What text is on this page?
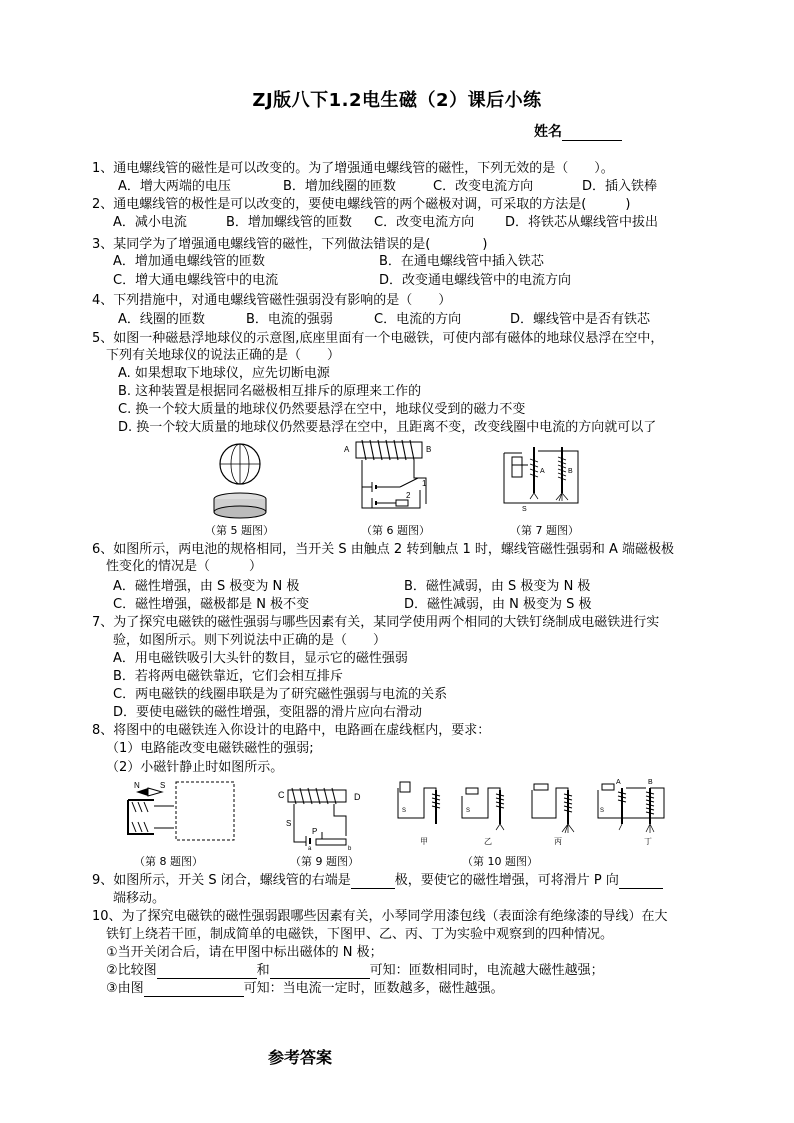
ZJ版八下1.2电生磁（2）课后小练
姓名
1、通电螺线管的磁性是可以改变的。为了增强通电螺线管的磁性，下列无效的是（　　）。
A．增大两端的电压	B．增加线圈的匝数	C．改变电流方向	D．插入铁棒
2、通电螺线管的极性是可以改变的，要使电螺线管的两个磁极对调，可采取的方法是(　　　)
A．减小电流	B．增加螺线管的匝数 C．改变电流方向 D．将铁芯从螺线管中拔出
3、某同学为了增强通电螺线管的磁性，下列做法错误的是(　　　　)
A．增加通电螺线管的匝数	B．在通电螺线管中插入铁芯
C．增大通电螺线管中的电流	D．改变通电螺线管中的电流方向
4、下列措施中，对通电螺线管磁性强弱没有影响的是（　　）
A．线圈的匝数	B．电流的强弱	C．电流的方向	D．螺线管中是否有铁芯
5、如图一种磁悬浮地球仪的示意图,底座里面有一个电磁铁，可使内部有磁体的地球仪悬浮在空中，
下列有关地球仪的说法正确的是（　　）
A. 如果想取下地球仪，应先切断电源
B. 这种装置是根据同名磁极相互排斥的原理来工作的
C. 换一个较大质量的地球仪仍然要悬浮在空中，地球仪受到的磁力不变
D. 换一个较大质量的地球仪仍然要悬浮在空中，且距离不变，改变线圈中电流的方向就可以了
A	B
2
1
A	B
S
（第 5 题图）	（第 6 题图）	（第 7 题图）
6、如图所示，两电池的规格相同，当开关 S 由触点 2 转到触点 1 时，螺线管磁性强弱和 A 端磁极极
性变化的情况是（　　　）
A．磁性增强，由 S 极变为 N 极	B．磁性减弱，由 S 极变为 N 极
C．磁性增强，磁极都是 N 极不变	D．磁性减弱，由 N 极变为 S 极
7、为了探究电磁铁的磁性强弱与哪些因素有关，某同学使用两个相同的大铁钉绕制成电磁铁进行实
验，如图所示。则下列说法中正确的是（　　）
A．用电磁铁吸引大头针的数目，显示它的磁性强弱
B．若将两电磁铁靠近，它们会相互排斥
C．两电磁铁的线圈串联是为了研究磁性强弱与电流的关系
D．要使电磁铁的磁性增强，变阻器的滑片应向右滑动
8、将图中的电磁铁连入你设计的电路中，电路画在虚线框内，要求：
（1）电路能改变电磁铁磁性的强弱;
（2）小磁针静止时如图所示。
N	S
C	D
S
P
a	b
S
甲
S
乙	丙
A	B
S
丁
（第 8 题图）	（第 9 题图）	（第 10 题图）
9、如图所示，开关 S 闭合，螺线管的右端是	极，要使它的磁性增强，可将滑片 P 向
端移动。
10、为了探究电磁铁的磁性强弱跟哪些因素有关，小琴同学用漆包线（表面涂有绝缘漆的导线）在大
铁钉上绕若干匝，制成简单的电磁铁，下图甲、乙、丙、丁为实验中观察到的四种情况。
①当开关闭合后，请在甲图中标出磁体的 N 极；
②比较图	和	可知：匝数相同时，电流越大磁性越强；
③由图	可知：当电流一定时，匝数越多，磁性越强。
参考答案
